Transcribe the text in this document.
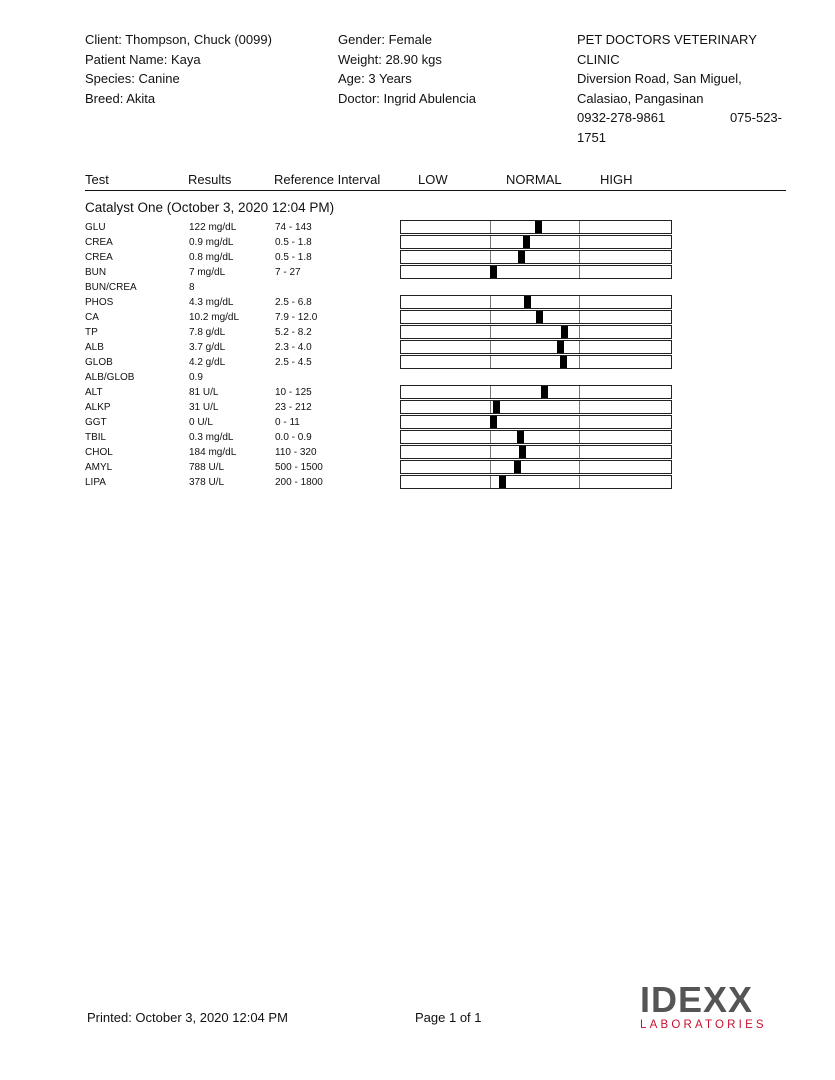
Client: Thompson, Chuck (0099)
Patient Name: Kaya
Species: Canine
Breed: Akita
Gender: Female
Weight: 28.90 kgs
Age: 3 Years
Doctor: Ingrid Abulencia
PET DOCTORS VETERINARY CLINIC
Diversion Road, San Miguel,
Calasiao, Pangasinan
0932-278-9861	075-523-
1751
Test	Results	Reference Interval	LOW	NORMAL	HIGH
Catalyst One (October 3, 2020 12:04 PM)
GLU	122 mg/dL	74 - 143
CREA	0.9 mg/dL	0.5 - 1.8
CREA	0.8 mg/dL	0.5 - 1.8
BUN	7 mg/dL	7 - 27
BUN/CREA	8
PHOS	4.3 mg/dL	2.5 - 6.8
CA	10.2 mg/dL	7.9 - 12.0
TP	7.8 g/dL	5.2 - 8.2
ALB	3.7 g/dL	2.3 - 4.0
GLOB	4.2 g/dL	2.5 - 4.5
ALB/GLOB	0.9
ALT	81 U/L	10 - 125
ALKP	31 U/L	23 - 212
GGT	0 U/L	0 - 11
TBIL	0.3 mg/dL	0.0 - 0.9
CHOL	184 mg/dL	110 - 320
AMYL	788 U/L	500 - 1500
LIPA	378 U/L	200 - 1800
Printed: October 3, 2020 12:04 PM	Page 1 of 1	IDEXX
LABORATORIES
